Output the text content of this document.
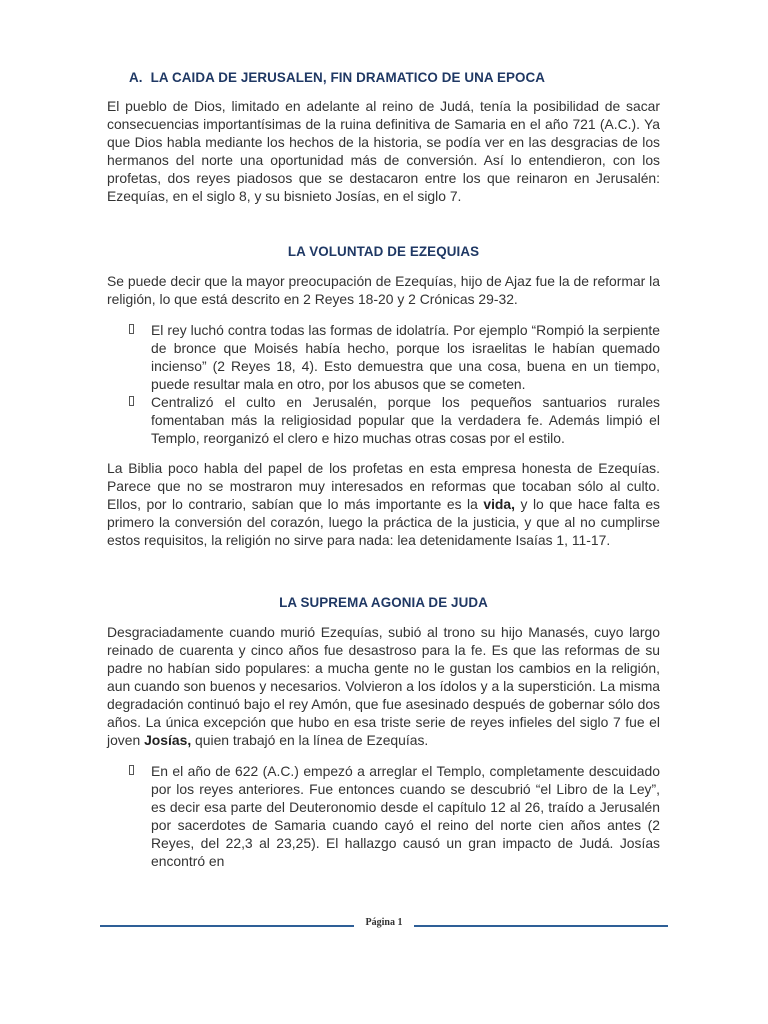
A. LA CAIDA DE JERUSALEN, FIN DRAMATICO DE UNA EPOCA

El pueblo de Dios, limitado en adelante al reino de Judá, tenía la posibilidad de sacar consecuencias importantísimas de la ruina definitiva de Samaria en el año 721 (A.C.). Ya que Dios habla mediante los hechos de la historia, se podía ver en las desgracias de los hermanos del norte una oportunidad más de conversión. Así lo entendieron, con los profetas, dos reyes piadosos que se destacaron entre los que reinaron en Jerusalén: Ezequías, en el siglo 8, y su bisnieto Josías, en el siglo 7.

LA VOLUNTAD DE EZEQUIAS

Se puede decir que la mayor preocupación de Ezequías, hijo de Ajaz fue la de reformar la religión, lo que está descrito en 2 Reyes 18-20 y 2 Crónicas 29-32.

El rey luchó contra todas las formas de idolatría. Por ejemplo “Rompió la serpiente de bronce que Moisés había hecho, porque los israelitas le habían quemado incienso” (2 Reyes 18, 4). Esto demuestra que una cosa, buena en un tiempo, puede resultar mala en otro, por los abusos que se cometen.
Centralizó el culto en Jerusalén, porque los pequeños santuarios rurales fomentaban más la religiosidad popular que la verdadera fe. Además limpió el Templo, reorganizó el clero e hizo muchas otras cosas por el estilo.

La Biblia poco habla del papel de los profetas en esta empresa honesta de Ezequías. Parece que no se mostraron muy interesados en reformas que tocaban sólo al culto. Ellos, por lo contrario, sabían que lo más importante es la vida, y lo que hace falta es primero la conversión del corazón, luego la práctica de la justicia, y que al no cumplirse estos requisitos, la religión no sirve para nada: lea detenidamente Isaías 1, 11-17.

LA SUPREMA AGONIA DE JUDA

Desgraciadamente cuando murió Ezequías, subió al trono su hijo Manasés, cuyo largo reinado de cuarenta y cinco años fue desastroso para la fe. Es que las reformas de su padre no habían sido populares: a mucha gente no le gustan los cambios en la religión, aun cuando son buenos y necesarios. Volvieron a los ídolos y a la superstición. La misma degradación continuó bajo el rey Amón, que fue asesinado después de gobernar sólo dos años. La única excepción que hubo en esa triste serie de reyes infieles del siglo 7 fue el joven Josías, quien trabajó en la línea de Ezequías.

En el año de 622 (A.C.) empezó a arreglar el Templo, completamente descuidado por los reyes anteriores. Fue entonces cuando se descubrió “el Libro de la Ley”, es decir esa parte del Deuteronomio desde el capítulo 12 al 26, traído a Jerusalén por sacerdotes de Samaria cuando cayó el reino del norte cien años antes (2 Reyes, del 22,3 al 23,25). El hallazgo causó un gran impacto de Judá. Josías encontró en
Página 1
